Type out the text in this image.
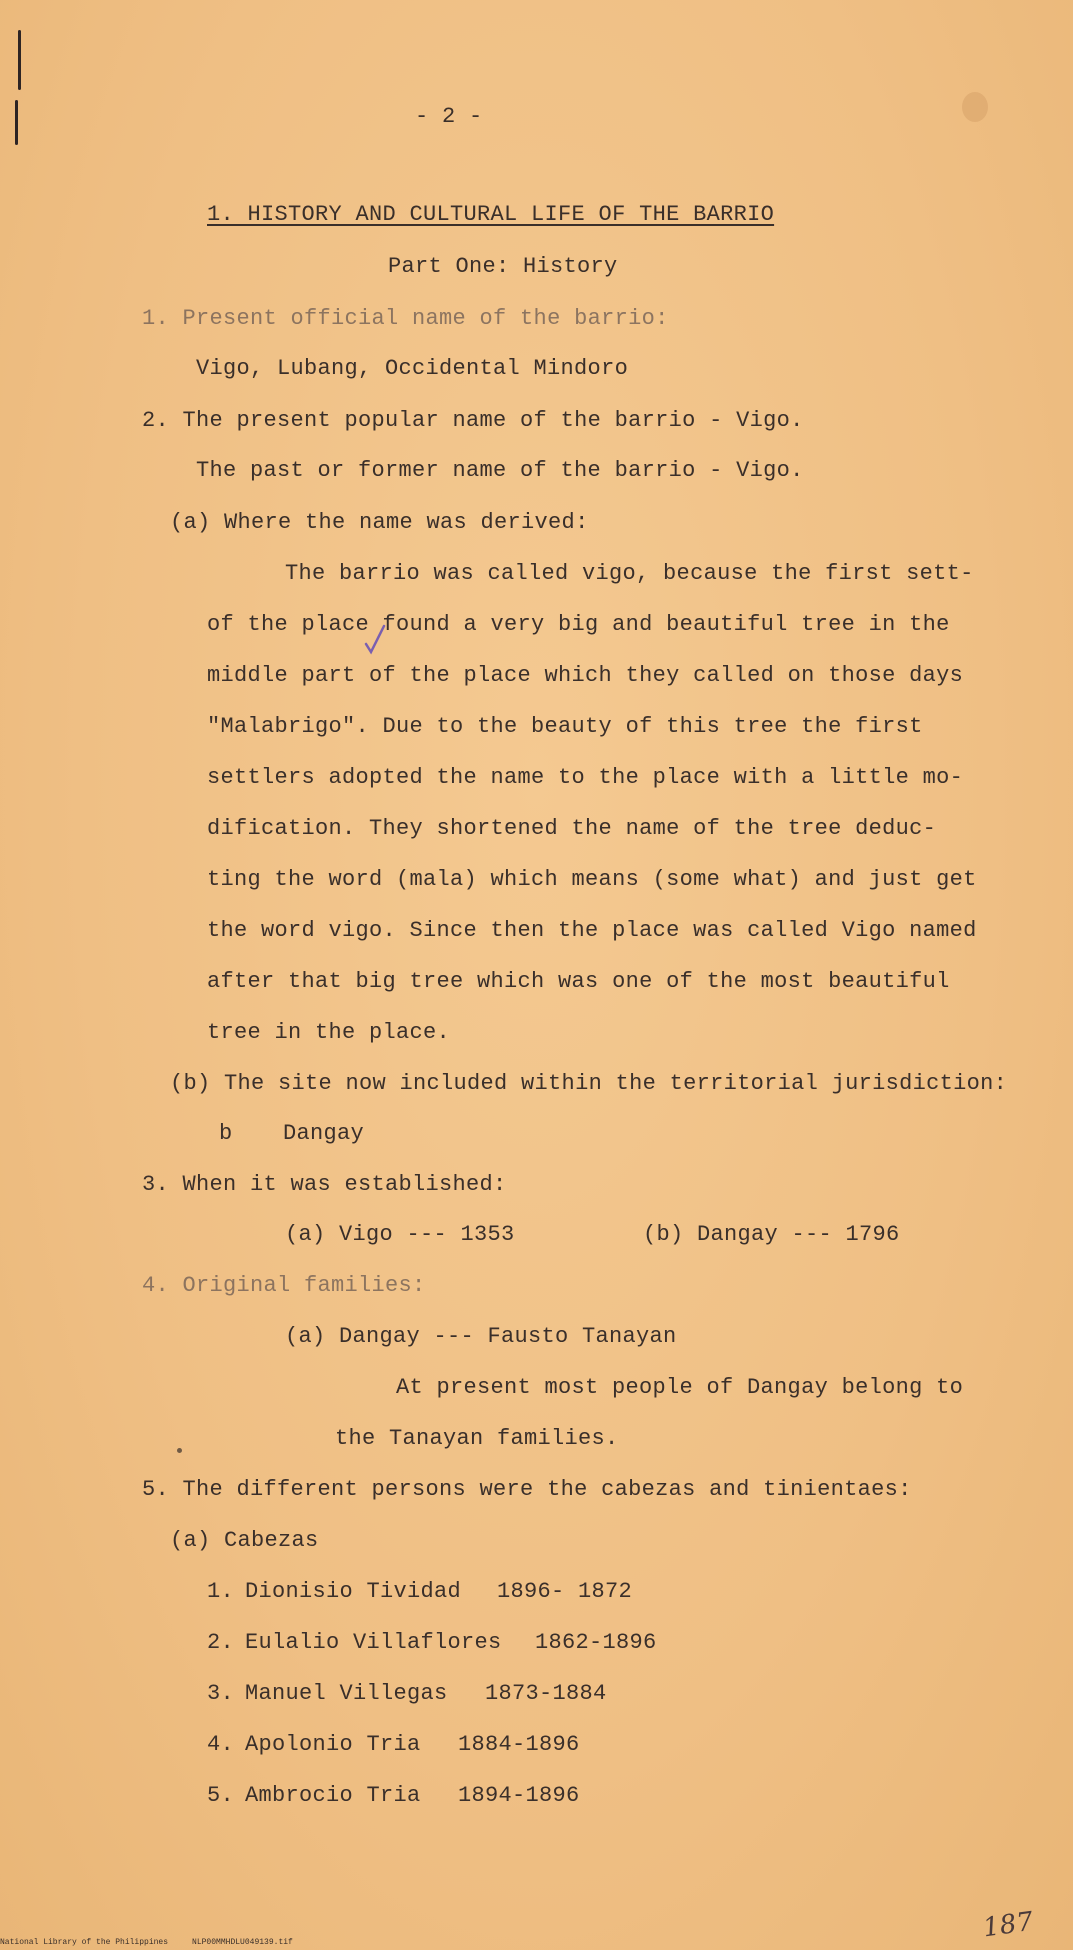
- 2 -
1. HISTORY AND CULTURAL LIFE OF THE BARRIO
Part One: History
1. Present official name of the barrio:
Vigo, Lubang, Occidental Mindoro
2. The present popular name of the barrio - Vigo.
The past or former name of the barrio - Vigo.
(a) Where the name was derived:
The barrio was called vigo, because the first sett-
of the place found a very big and beautiful tree in the
middle part of the place which they called on those days
"Malabrigo". Due to the beauty of this tree the first
settlers adopted the name to the place with a little mo-
dification. They shortened the name of the tree deduc-
ting the word (mala) which means (some what) and just get
the word vigo. Since then the place was called Vigo named
after that big tree which was one of the most beautiful
tree in the place.
(b) The site now included within the territorial jurisdiction:
b Dangay
3. When it was established:
(a) Vigo --- 1353	(b) Dangay --- 1796
4. Original families:
(a) Dangay --- Fausto Tanayan
At present most people of Dangay belong to
the Tanayan families.
5. The different persons were the cabezas and tinientaes:
(a) Cabezas
1. Dionisio Tividad 1896- 1872
2. Eulalio Villaflores 1862-1896
3. Manuel Villegas 1873-1884
4. Apolonio Tria 1884-1896
5. Ambrocio Tria 1894-1896
187
National Library of the Philippines     NLP00MMHDLU049139.tif
